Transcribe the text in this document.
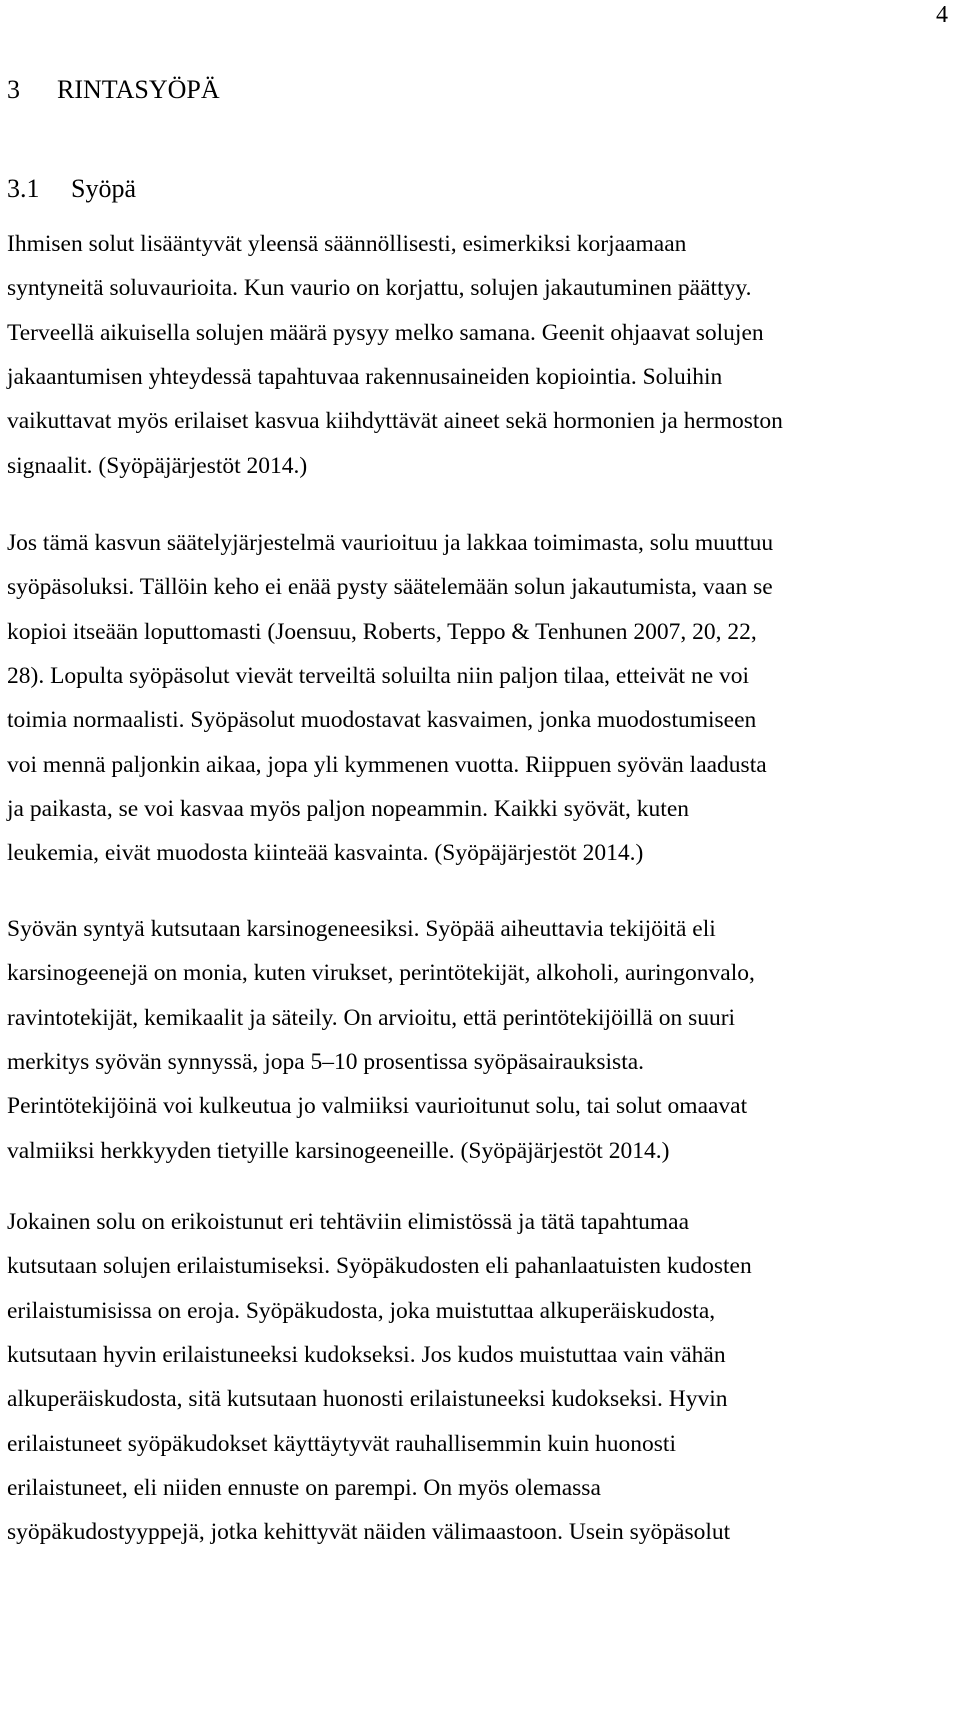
4
3 RINTASYÖPÄ
3.1 Syöpä
Ihmisen solut lisääntyvät yleensä säännöllisesti, esimerkiksi korjaamaan
syntyneitä soluvaurioita. Kun vaurio on korjattu, solujen jakautuminen päättyy.
Terveellä aikuisella solujen määrä pysyy melko samana. Geenit ohjaavat solujen
jakaantumisen yhteydessä tapahtuvaa rakennusaineiden kopiointia. Soluihin
vaikuttavat myös erilaiset kasvua kiihdyttävät aineet sekä hormonien ja hermoston
signaalit. (Syöpäjärjestöt 2014.)
Jos tämä kasvun säätelyjärjestelmä vaurioituu ja lakkaa toimimasta, solu muuttuu
syöpäsoluksi. Tällöin keho ei enää pysty säätelemään solun jakautumista, vaan se
kopioi itseään loputtomasti (Joensuu, Roberts, Teppo & Tenhunen 2007, 20, 22,
28). Lopulta syöpäsolut vievät terveiltä soluilta niin paljon tilaa, etteivät ne voi
toimia normaalisti. Syöpäsolut muodostavat kasvaimen, jonka muodostumiseen
voi mennä paljonkin aikaa, jopa yli kymmenen vuotta. Riippuen syövän laadusta
ja paikasta, se voi kasvaa myös paljon nopeammin. Kaikki syövät, kuten
leukemia, eivät muodosta kiinteää kasvainta. (Syöpäjärjestöt 2014.)
Syövän syntyä kutsutaan karsinogeneesiksi. Syöpää aiheuttavia tekijöitä eli
karsinogeenejä on monia, kuten virukset, perintötekijät, alkoholi, auringonvalo,
ravintotekijät, kemikaalit ja säteily. On arvioitu, että perintötekijöillä on suuri
merkitys syövän synnyssä, jopa 5–10 prosentissa syöpäsairauksista.
Perintötekijöinä voi kulkeutua jo valmiiksi vaurioitunut solu, tai solut omaavat
valmiiksi herkkyyden tietyille karsinogeeneille. (Syöpäjärjestöt 2014.)
Jokainen solu on erikoistunut eri tehtäviin elimistössä ja tätä tapahtumaa
kutsutaan solujen erilaistumiseksi. Syöpäkudosten eli pahanlaatuisten kudosten
erilaistumisissa on eroja. Syöpäkudosta, joka muistuttaa alkuperäiskudosta,
kutsutaan hyvin erilaistuneeksi kudokseksi. Jos kudos muistuttaa vain vähän
alkuperäiskudosta, sitä kutsutaan huonosti erilaistuneeksi kudokseksi. Hyvin
erilaistuneet syöpäkudokset käyttäytyvät rauhallisemmin kuin huonosti
erilaistuneet, eli niiden ennuste on parempi. On myös olemassa
syöpäkudostyyppejä, jotka kehittyvät näiden välimaastoon. Usein syöpäsolut
